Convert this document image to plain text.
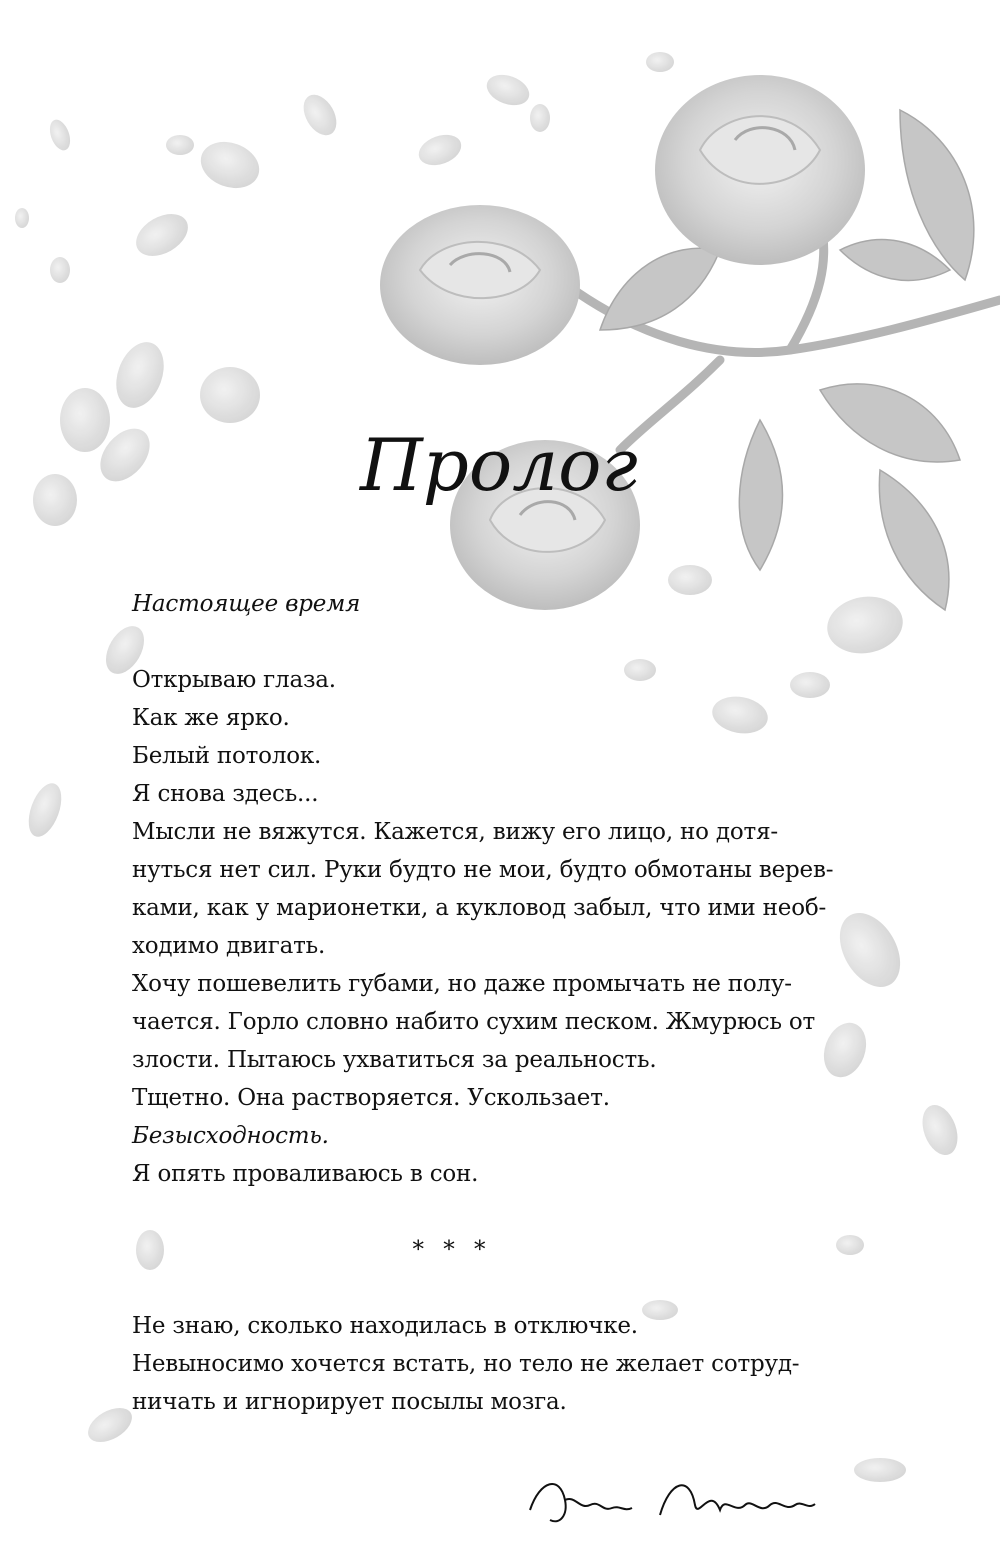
Пролог
Настоящее время
Открываю глаза.
Как же ярко.
Белый потолок.
Я снова здесь...
Мысли не вяжутся. Кажется, вижу его лицо, но дотя-
нуться нет сил. Руки будто не мои, будто обмотаны верев-
ками, как у марионетки, а кукловод забыл, что ими необ-
ходимо двигать.
Хочу пошевелить губами, но даже промычать не полу-
чается. Горло словно набито сухим песком. Жмурюсь от
злости. Пытаюсь ухватиться за реальность.
Тщетно. Она растворяется. Ускользает.
Безысходность.
Я опять проваливаюсь в сон.
* * *
Не знаю, сколько находилась в отключке.
Невыносимо хочется встать, но тело не желает сотруд-
ничать и игнорирует посылы мозга.
